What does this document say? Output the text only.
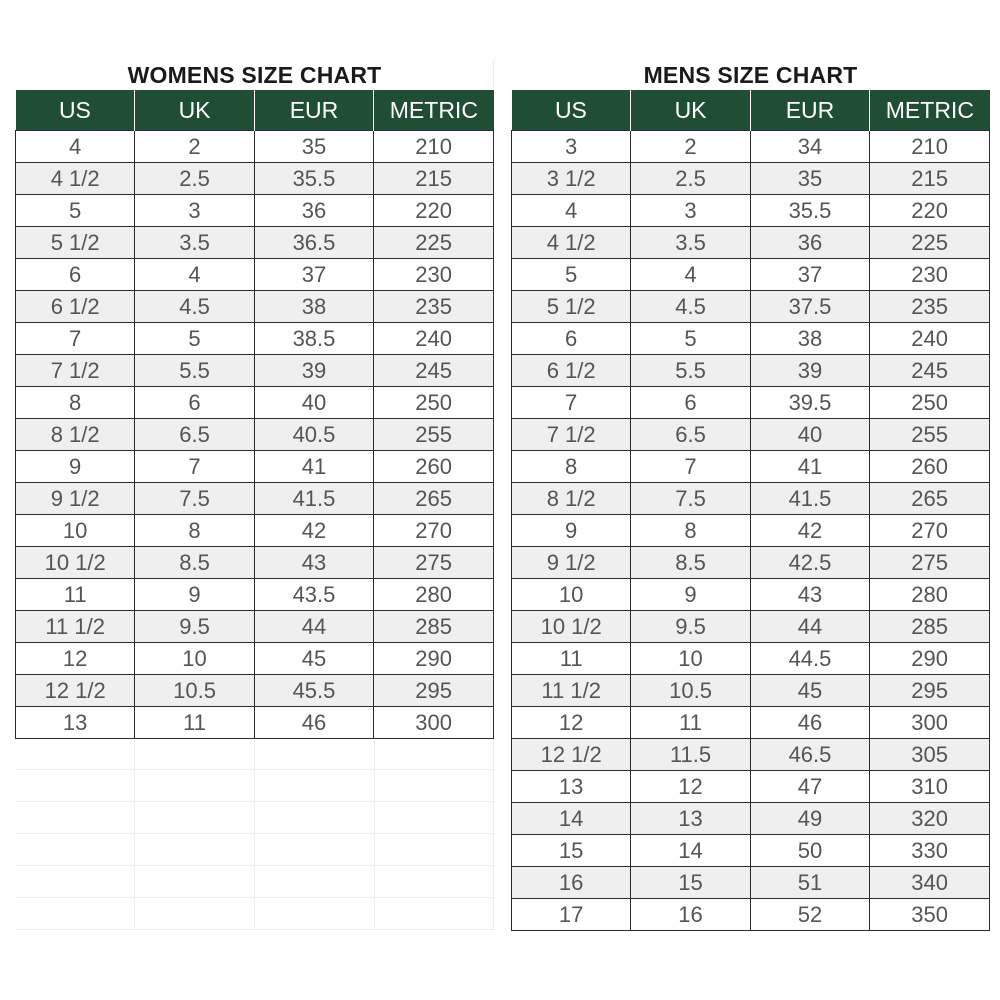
WOMENS SIZE CHART
US	UK	EUR	METRIC
4	2	35	210
4 1/2	2.5	35.5	215
5	3	36	220
5 1/2	3.5	36.5	225
6	4	37	230
6 1/2	4.5	38	235
7	5	38.5	240
7 1/2	5.5	39	245
8	6	40	250
8 1/2	6.5	40.5	255
9	7	41	260
9 1/2	7.5	41.5	265
10	8	42	270
10 1/2	8.5	43	275
11	9	43.5	280
11 1/2	9.5	44	285
12	10	45	290
12 1/2	10.5	45.5	295
13	11	46	300
MENS SIZE CHART
US	UK	EUR	METRIC
3	2	34	210
3 1/2	2.5	35	215
4	3	35.5	220
4 1/2	3.5	36	225
5	4	37	230
5 1/2	4.5	37.5	235
6	5	38	240
6 1/2	5.5	39	245
7	6	39.5	250
7 1/2	6.5	40	255
8	7	41	260
8 1/2	7.5	41.5	265
9	8	42	270
9 1/2	8.5	42.5	275
10	9	43	280
10 1/2	9.5	44	285
11	10	44.5	290
11 1/2	10.5	45	295
12	11	46	300
12 1/2	11.5	46.5	305
13	12	47	310
14	13	49	320
15	14	50	330
16	15	51	340
17	16	52	350
